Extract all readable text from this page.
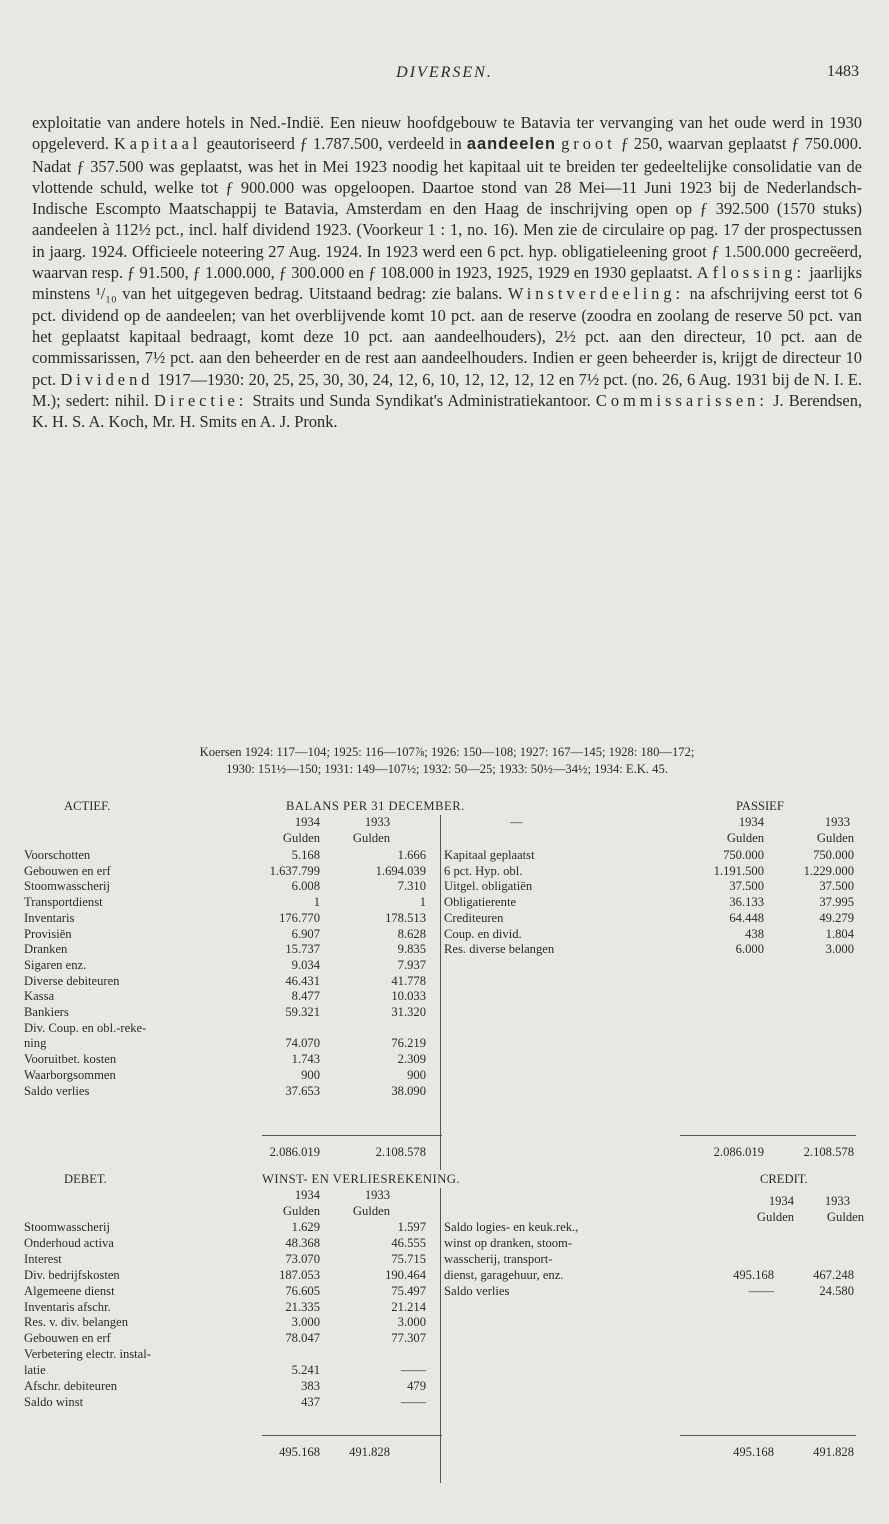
DIVERSEN.	1483
exploitatie van andere hotels in Ned.-Indië. Een nieuw hoofdgebouw te Batavia ter vervanging van het oude werd in 1930 opgeleverd. Kapitaal geautoriseerd ƒ 1.787.500, verdeeld in aandeelen groot ƒ 250, waarvan geplaatst ƒ 750.000. Nadat ƒ 357.500 was geplaatst, was het in Mei 1923 noodig het kapitaal uit te breiden ter gedeeltelijke consolidatie van de vlottende schuld, welke tot ƒ 900.000 was opgeloopen. Daartoe stond van 28 Mei—11 Juni 1923 bij de Nederlandsch-Indische Escompto Maatschappij te Batavia, Amsterdam en den Haag de inschrijving open op ƒ 392.500 (1570 stuks) aandeelen à 112½ pct., incl. half dividend 1923. (Voorkeur 1 : 1, no. 16). Men zie de circulaire op pag. 17 der prospectussen in jaarg. 1924. Officieele noteering 27 Aug. 1924. In 1923 werd een 6 pct. hyp. obligatieleening groot ƒ 1.500.000 gecreëerd, waarvan resp. ƒ 91.500, ƒ 1.000.000, ƒ 300.000 en ƒ 108.000 in 1923, 1925, 1929 en 1930 geplaatst. Aflossing: jaarlijks minstens ¹/₁₀ van het uitgegeven bedrag. Uitstaand bedrag: zie balans. Winstverdeeling: na afschrijving eerst tot 6 pct. dividend op de aandeelen; van het overblijvende komt 10 pct. aan de reserve (zoodra en zoolang de reserve 50 pct. van het geplaatst kapitaal bedraagt, komt deze 10 pct. aan aandeelhouders), 2½ pct. aan den directeur, 10 pct. aan de commissarissen, 7½ pct. aan den beheerder en de rest aan aandeelhouders. Indien er geen beheerder is, krijgt de directeur 10 pct. Dividend 1917—1930: 20, 25, 25, 30, 30, 24, 12, 6, 10, 12, 12, 12, 12 en 7½ pct. (no. 26, 6 Aug. 1931 bij de N. I. E. M.); sedert: nihil. Directie: Straits und Sunda Syndikat's Administratiekantoor. Commissarissen: J. Berendsen, K. H. S. A. Koch, Mr. H. Smits en A. J. Pronk.
Koersen 1924: 117—104; 1925: 116—107⅞; 1926: 150—108; 1927: 167—145; 1928: 180—172;
1930: 151½—150; 1931: 149—107½; 1932: 50—25; 1933: 50½—34½; 1934: E.K. 45.
ACTIEF.	BALANS PER 31 DECEMBER.	PASSIEF
1934	1933	—	1934	1933
Gulden	Gulden	Gulden	Gulden
Voorschotten	5.168	1.666
Gebouwen en erf	1.637.799	1.694.039
Stoomwasscherij	6.008	7.310
Transportdienst	1	1
Inventaris	176.770	178.513
Provisiën	6.907	8.628
Dranken	15.737	9.835
Sigaren enz.	9.034	7.937
Diverse debiteuren	46.431	41.778
Kassa	8.477	10.033
Bankiers	59.321	31.320
Div. Coup. en obl.-reke-
ning	74.070	76.219
Vooruitbet. kosten	1.743	2.309
Waarborgsommen	900	900
Saldo verlies	37.653	38.090
Kapitaal geplaatst	750.000	750.000
6 pct. Hyp. obl.	1.191.500	1.229.000
Uitgel. obligatiën	37.500	37.500
Obligatierente	36.133	37.995
Crediteuren	64.448	49.279
Coup. en divid.	438	1.804
Res. diverse belangen	6.000	3.000
2.086.019	2.108.578	2.086.019	2.108.578
DEBET.	WINST- EN VERLIESREKENING.	CREDIT.
1934	1933	1934	1933
Gulden	Gulden	Gulden	Gulden
Stoomwasscherij	1.629	1.597
Onderhoud activa	48.368	46.555
Interest	73.070	75.715
Div. bedrijfskosten	187.053	190.464
Algemeene dienst	76.605	75.497
Inventaris afschr.	21.335	21.214
Res. v. div. belangen	3.000	3.000
Gebouwen en erf	78.047	77.307
Verbetering electr. instal-
latie	5.241	——
Afschr. debiteuren	383	479
Saldo winst	437	——
Saldo logies- en keuk.rek.,
winst op dranken, stoom-
wasscherij, transport-
dienst, garagehuur, enz.	495.168	467.248
Saldo verlies	——	24.580
495.168	491.828	495.168	491.828
